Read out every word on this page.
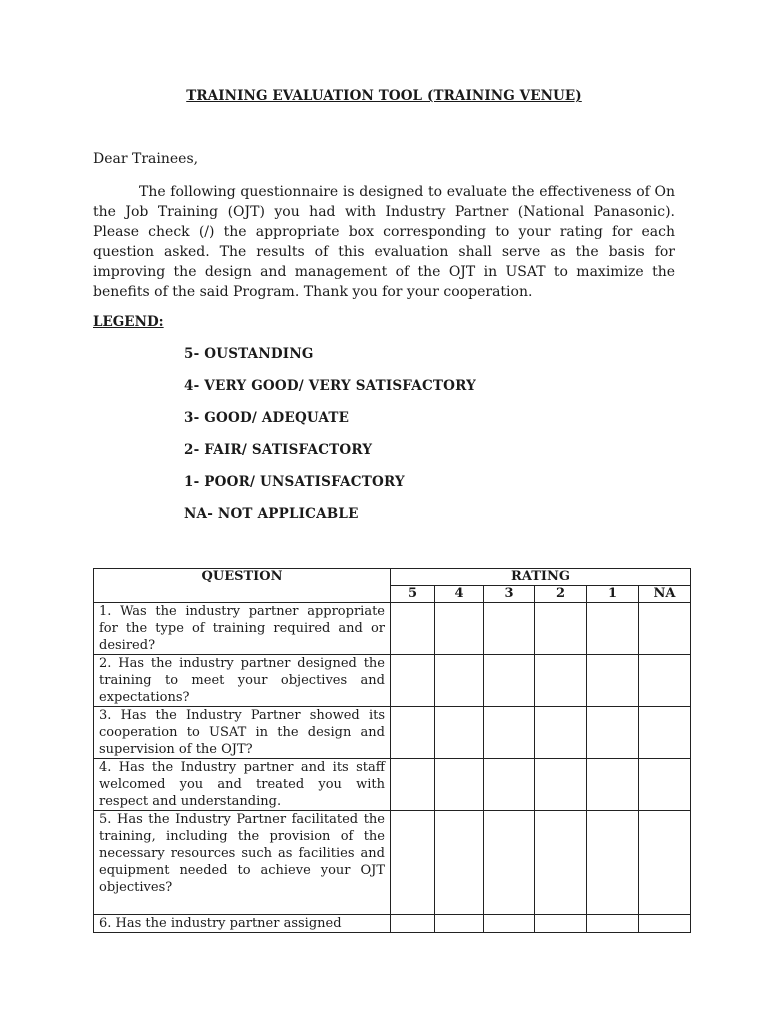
TRAINING EVALUATION TOOL (TRAINING VENUE)
Dear Trainees,

The following questionnaire is designed to evaluate the effectiveness of On the Job Training (OJT) you had with Industry Partner (National Panasonic). Please check (/) the appropriate box corresponding to your rating for each question asked. The results of this evaluation shall serve as the basis for improving the design and management of the OJT in USAT to maximize the benefits of the said Program. Thank you for your cooperation.

LEGEND:
5- OUSTANDING
4- VERY GOOD/ VERY SATISFACTORY
3- GOOD/ ADEQUATE
2- FAIR/ SATISFACTORY
1- POOR/ UNSATISFACTORY
NA- NOT APPLICABLE
QUESTION	RATING					
	5	4	3	2	1	NA
1. Was the industry partner appropriate for the type of training required and or desired?						
2. Has the industry partner designed the training to meet your objectives and expectations?						
3. Has the Industry Partner showed its cooperation to USAT in the design and supervision of the OJT?						
4. Has the Industry partner and its staff welcomed you and treated you with respect and understanding.						
5. Has the Industry Partner facilitated the training, including the provision of the necessary resources such as facilities and equipment needed to achieve your OJT objectives?						
6. Has the industry partner assigned						
